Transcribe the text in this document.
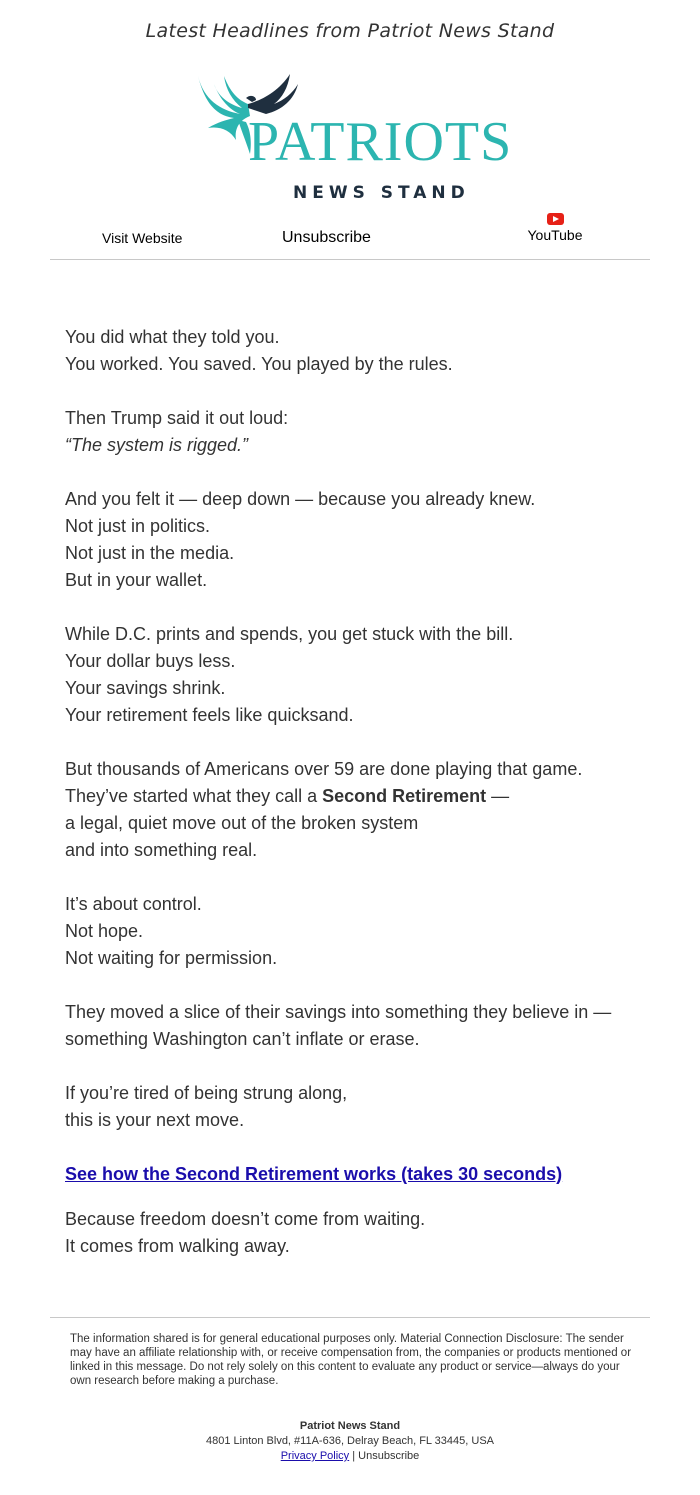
Latest Headlines from Patriot News Stand
PATRIOTS
NEWS STAND
Visit Website	Unsubscribe	YouTube

You did what they told you.
You worked. You saved. You played by the rules.

Then Trump said it out loud:
“The system is rigged.”

And you felt it — deep down — because you already knew.
Not just in politics.
Not just in the media.
But in your wallet.

While D.C. prints and spends, you get stuck with the bill.
Your dollar buys less.
Your savings shrink.
Your retirement feels like quicksand.

But thousands of Americans over 59 are done playing that game.
They’ve started what they call a Second Retirement —
a legal, quiet move out of the broken system
and into something real.

It’s about control.
Not hope.
Not waiting for permission.

They moved a slice of their savings into something they believe in —
something Washington can’t inflate or erase.

If you’re tired of being strung along,
this is your next move.

See how the Second Retirement works (takes 30 seconds)

Because freedom doesn’t come from waiting.
It comes from walking away.

The information shared is for general educational purposes only. Material Connection Disclosure: The sender may have an affiliate relationship with, or receive compensation from, the companies or products mentioned or linked in this message. Do not rely solely on this content to evaluate any product or service—always do your own research before making a purchase.
Patriot News Stand
4801 Linton Blvd, #11A-636, Delray Beach, FL 33445, USA
Privacy Policy | Unsubscribe
